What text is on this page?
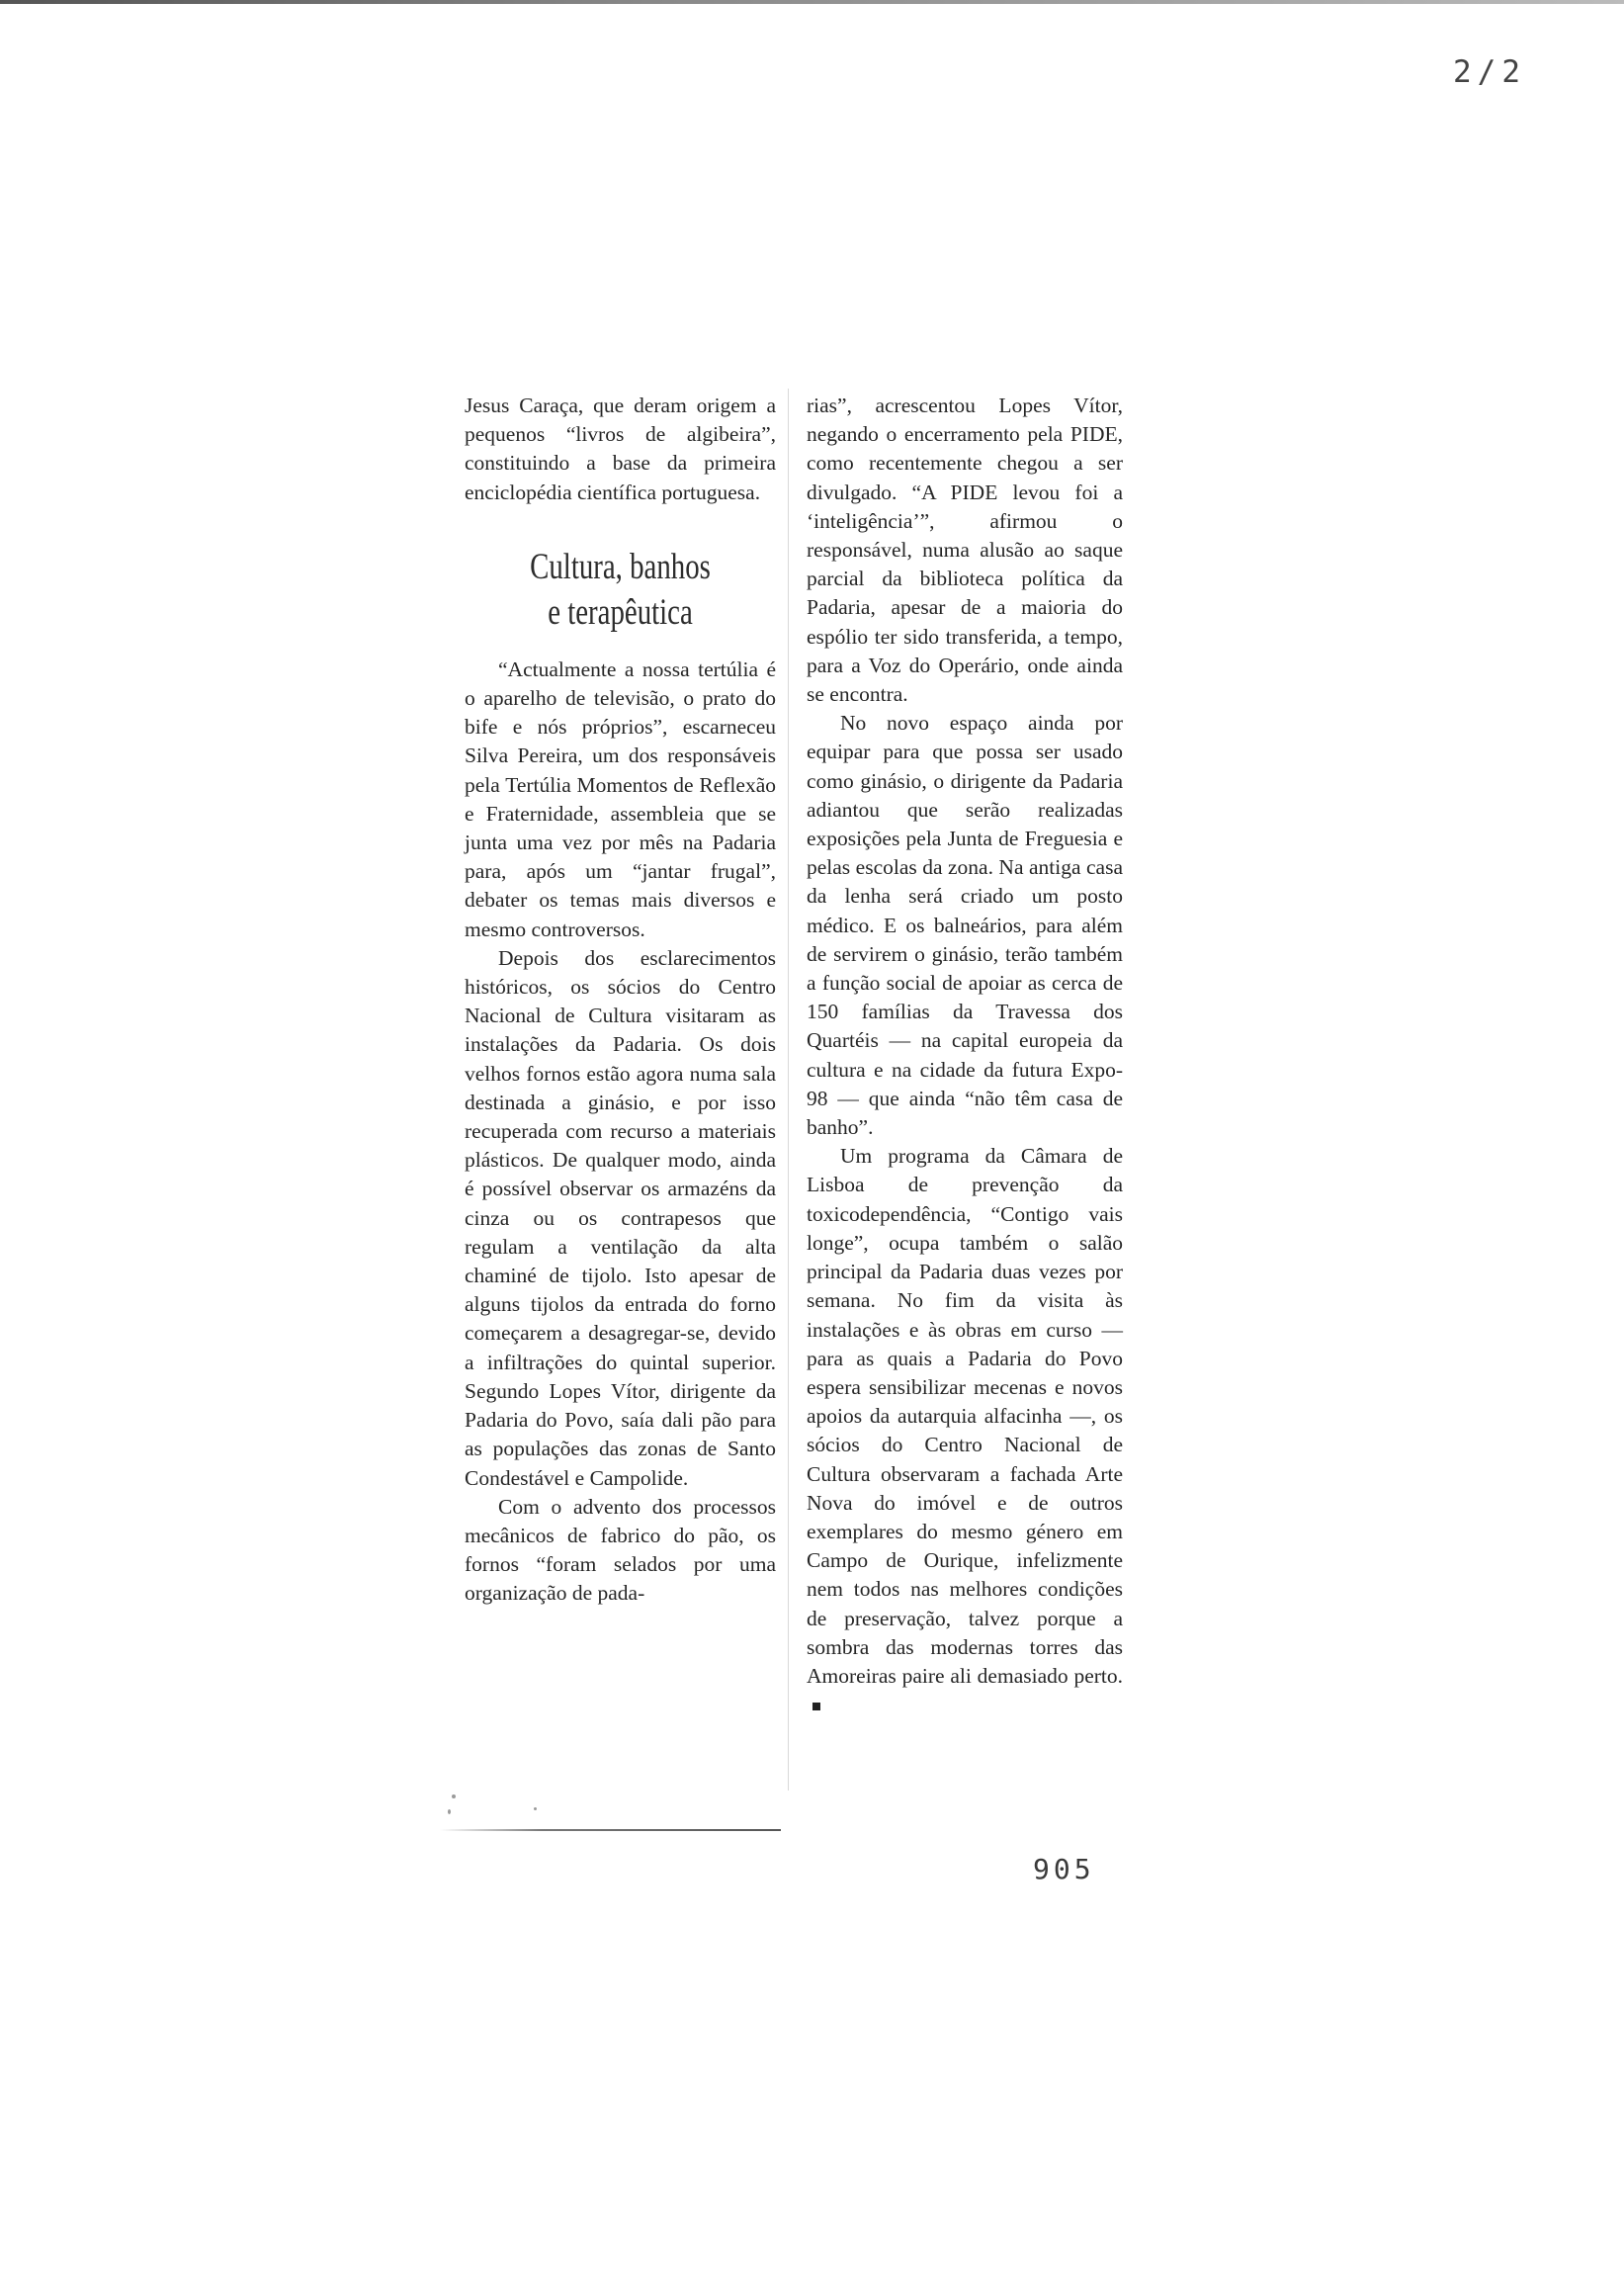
2/2

Jesus Caraça, que deram origem a pequenos “livros de algibeira”, constituindo a base da primeira enciclopédia científica portuguesa.

Cultura, banhos
e terapêutica

“Actualmente a nossa tertúlia é o aparelho de televisão, o prato do bife e nós próprios”, escarneceu Silva Pereira, um dos responsáveis pela Tertúlia Momentos de Reflexão e Fraternidade, assembleia que se junta uma vez por mês na Padaria para, após um “jantar frugal”, debater os temas mais diversos e mesmo controversos.

Depois dos esclarecimentos históricos, os sócios do Centro Nacional de Cultura visitaram as instalações da Padaria. Os dois velhos fornos estão agora numa sala destinada a ginásio, e por isso recuperada com recurso a materiais plásticos. De qualquer modo, ainda é possível observar os armazéns da cinza ou os contrapesos que regulam a ventilação da alta chaminé de tijolo. Isto apesar de alguns tijolos da entrada do forno começarem a desagregar-se, devido a infiltrações do quintal superior. Segundo Lopes Vítor, dirigente da Padaria do Povo, saía dali pão para as populações das zonas de Santo Condestável e Campolide.

Com o advento dos processos mecânicos de fabrico do pão, os fornos “foram selados por uma organização de pada-

rias”, acrescentou Lopes Vítor, negando o encerramento pela PIDE, como recentemente chegou a ser divulgado. “A PIDE levou foi a ‘inteligência’”, afirmou o responsável, numa alusão ao saque parcial da biblioteca política da Padaria, apesar de a maioria do espólio ter sido transferida, a tempo, para a Voz do Operário, onde ainda se encontra.

No novo espaço ainda por equipar para que possa ser usado como ginásio, o dirigente da Padaria adiantou que serão realizadas exposições pela Junta de Freguesia e pelas escolas da zona. Na antiga casa da lenha será criado um posto médico. E os balneários, para além de servirem o ginásio, terão também a função social de apoiar as cerca de 150 famílias da Travessa dos Quartéis — na capital europeia da cultura e na cidade da futura Expo-98 — que ainda “não têm casa de banho”.

Um programa da Câmara de Lisboa de prevenção da toxicodependência, “Contigo vais longe”, ocupa também o salão principal da Padaria duas vezes por semana. No fim da visita às instalações e às obras em curso — para as quais a Padaria do Povo espera sensibilizar mecenas e novos apoios da autarquia alfacinha —, os sócios do Centro Nacional de Cultura observaram a fachada Arte Nova do imóvel e de outros exemplares do mesmo género em Campo de Ourique, infelizmente nem todos nas melhores condições de preservação, talvez porque a sombra das modernas torres das Amoreiras paire ali demasiado perto.

905
